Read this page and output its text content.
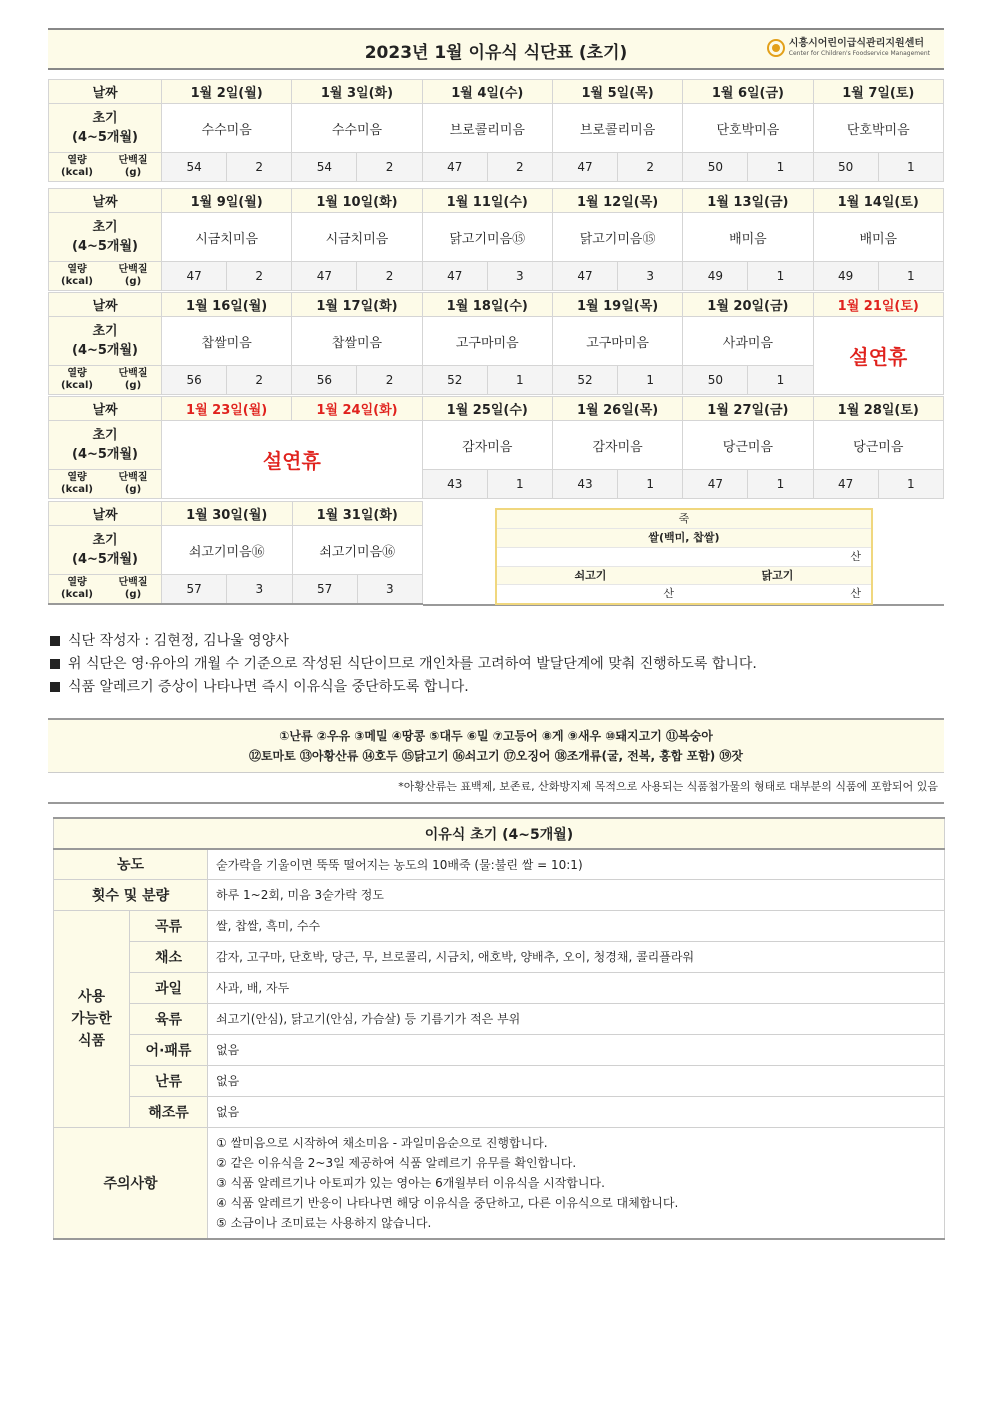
2023년 1월 이유식 식단표 (초기)	시흥시어린이급식관리지원센터
Center for Children's Foodservice Management
날짜	1월 2일(월)		1월 3일(화)		1월 4일(수)		1월 5일(목)		1월 6일(금)		1월 7일(토)	
초기
(4~5개월)	수수미음		수수미음		브로콜리미음		브로콜리미음		단호박미음		단호박미음	

열량
(kcal)
단백질
(g)	54	2	54	2	47	2	47	2	50	1	50	1
날짜	1월 9일(월)		1월 10일(화)		1월 11일(수)		1월 12일(목)		1월 13일(금)		1월 14일(토)	
초기
(4~5개월)	시금치미음		시금치미음		닭고기미음⑮		닭고기미음⑮		배미음		배미음	

열량
(kcal)
단백질
(g)	47	2	47	2	47	3	47	3	49	1	49	1
날짜	1월 16일(월)		1월 17일(화)		1월 18일(수)		1월 19일(목)		1월 20일(금)		1월 21일(토)
초기
(4~5개월)	찹쌀미음		찹쌀미음		고구마미음		고구마미음		사과미음		설연휴

열량
(kcal)
단백질
(g)	56	2	56	2	52	1	52	1	50	1	
날짜	1월 23일(월)	1월 24일(화)	1월 25일(수)		1월 26일(목)		1월 27일(금)		1월 28일(토)	
초기
(4~5개월)	설연휴		감자미음		감자미음		당근미음		당근미음	

열량
(kcal)
단백질
(g)			43	1	43	1	47	1	47	1
날짜	1월 30일(월)		1월 31일(화)	
초기
(4~5개월)	쇠고기미음⑯		쇠고기미음⑯	

열량
(kcal)
단백질
(g)	57	3	57	3
죽
쌀(백미, 찹쌀)
산
쇠고기	닭고기
산	산
식단 작성자 : 김현정, 김나울 영양사
위 식단은 영·유아의 개월 수 기준으로 작성된 식단이므로 개인차를 고려하여 발달단계에 맞춰 진행하도록 합니다.
식품 알레르기 증상이 나타나면 즉시 이유식을 중단하도록 합니다.
①난류 ②우유 ③메밀 ④땅콩 ⑤대두 ⑥밀 ⑦고등어 ⑧게 ⑨새우 ⑩돼지고기 ⑪복숭아
⑫토마토 ⑬아황산류 ⑭호두 ⑮닭고기 ⑯쇠고기 ⑰오징어 ⑱조개류(굴, 전복, 홍합 포함) ⑲잣
*아황산류는 표백제, 보존료, 산화방지제 목적으로 사용되는 식품첨가물의 형태로 대부분의 식품에 포함되어 있음
이유식 초기 (4~5개월)		
농도		숟가락을 기울이면 뚝뚝 떨어지는 농도의 10배죽 (물:불린 쌀 = 10:1)
횟수 및 분량		하루 1~2회, 미음 3숟가락 정도
사용
가능한
식품	곡류	쌀, 찹쌀, 흑미, 수수
	채소	감자, 고구마, 단호박, 당근, 무, 브로콜리, 시금치, 애호박, 양배추, 오이, 청경채, 콜리플라워
	과일	사과, 배, 자두
	육류	쇠고기(안심), 닭고기(안심, 가슴살) 등 기름기가 적은 부위
	어·패류	없음
	난류	없음
	해조류	없음
주의사항		① 쌀미음으로 시작하여 채소미음 - 과일미음순으로 진행합니다.
② 같은 이유식을 2~3일 제공하여 식품 알레르기 유무를 확인합니다.
③ 식품 알레르기나 아토피가 있는 영아는 6개월부터 이유식을 시작합니다.
④ 식품 알레르기 반응이 나타나면 해당 이유식을 중단하고, 다른 이유식으로 대체합니다.
⑤ 소금이나 조미료는 사용하지 않습니다.
